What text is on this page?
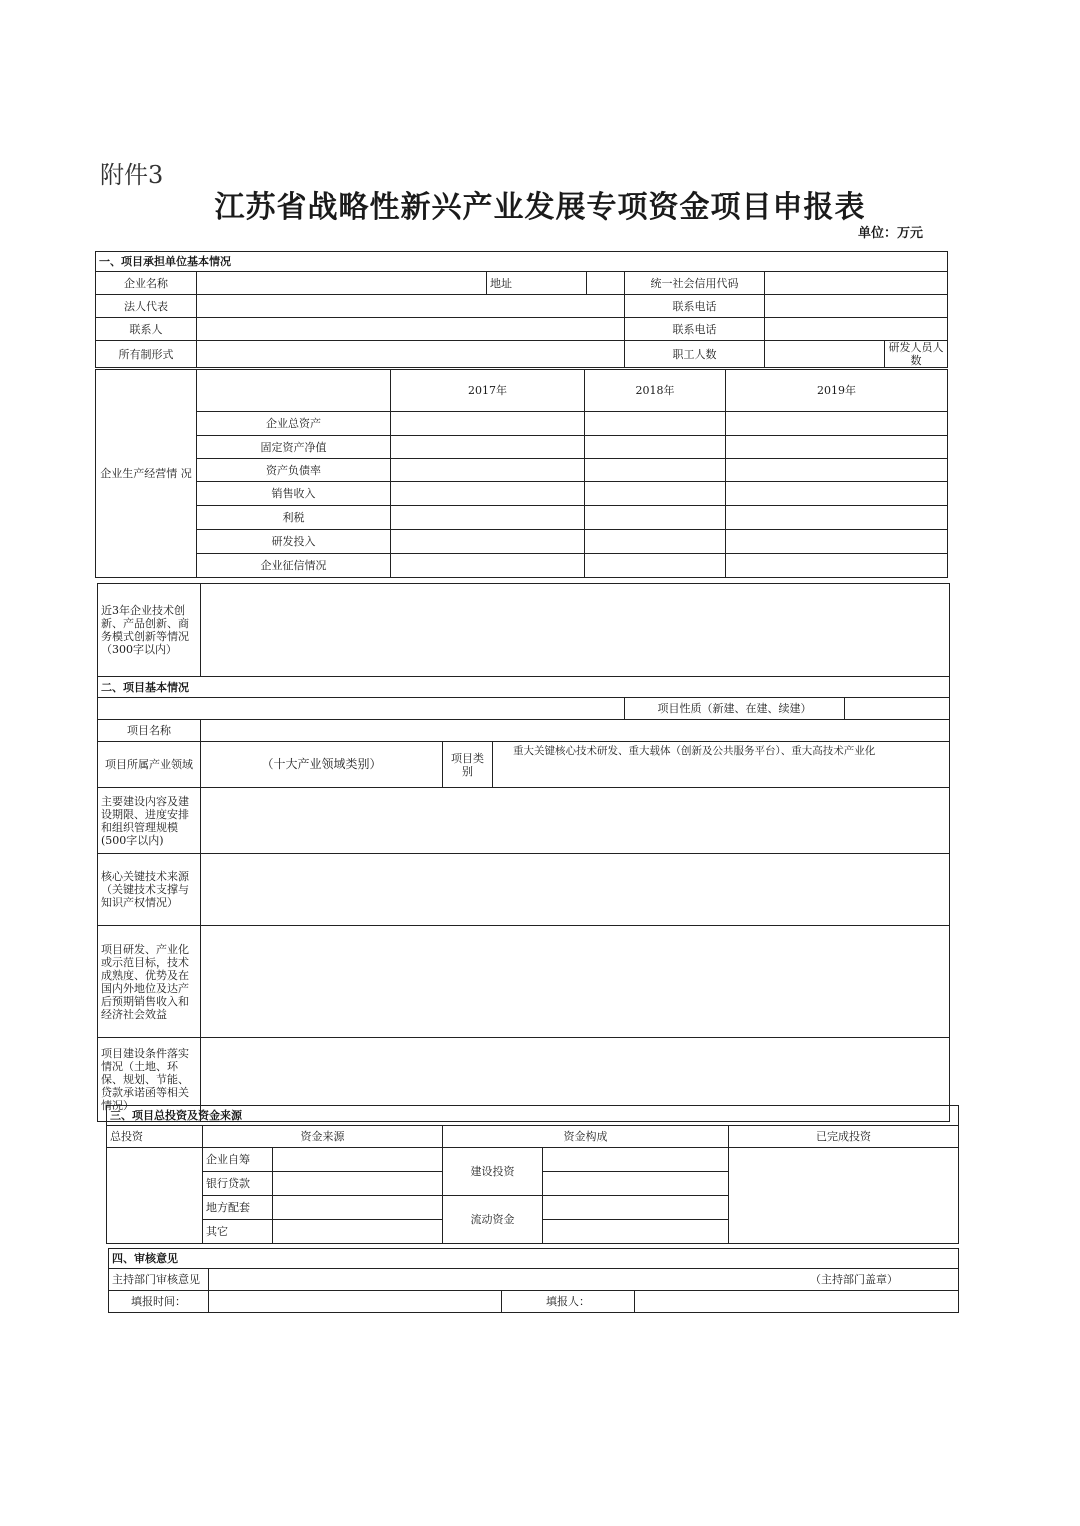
附件3
江苏省战略性新兴产业发展专项资金项目申报表
单位：万元
一、项目承担单位基本情况						
企业名称		地址		统一社会信用代码		
法人代表				联系电话		
联系人				联系电话		
所有制形式				职工人数		研发人员人数
企业生产经营情 况		2017年	2018年	2019年
	企业总资产			
	固定资产净值			
	资产负债率			
	销售收入			
	利税			
	研发投入			
	企业征信情况			
近3年企业技术创新、产品创新、商务模式创新等情况（300字以内）					
二、项目基本情况					
				项目性质（新建、在建、续建）	
项目名称					
项目所属产业领域	（十大产业领域类别）	项目类别	重大关键核心技术研发、重大载体（创新及公共服务平台）、重大高技术产业化		
主要建设内容及建设期限、进度安排和组织管理规模(500字以内)					
核心关键技术来源（关键技术支撑与知识产权情况）					
项目研发、产业化或示范目标，技术成熟度、优势及在国内外地位及达产后预期销售收入和经济社会效益					
项目建设条件落实情况（土地、环保、规划、节能、贷款承诺函等相关情况）					
三、项目总投资及资金来源					
总投资	资金来源		资金构成		已完成投资
	企业自筹		建设投资		
	银行贷款				
	地方配套		流动资金		
	其它				
四、审核意见			
主持部门审核意见	（主持部门盖章）		
填报时间：		填报人：	
